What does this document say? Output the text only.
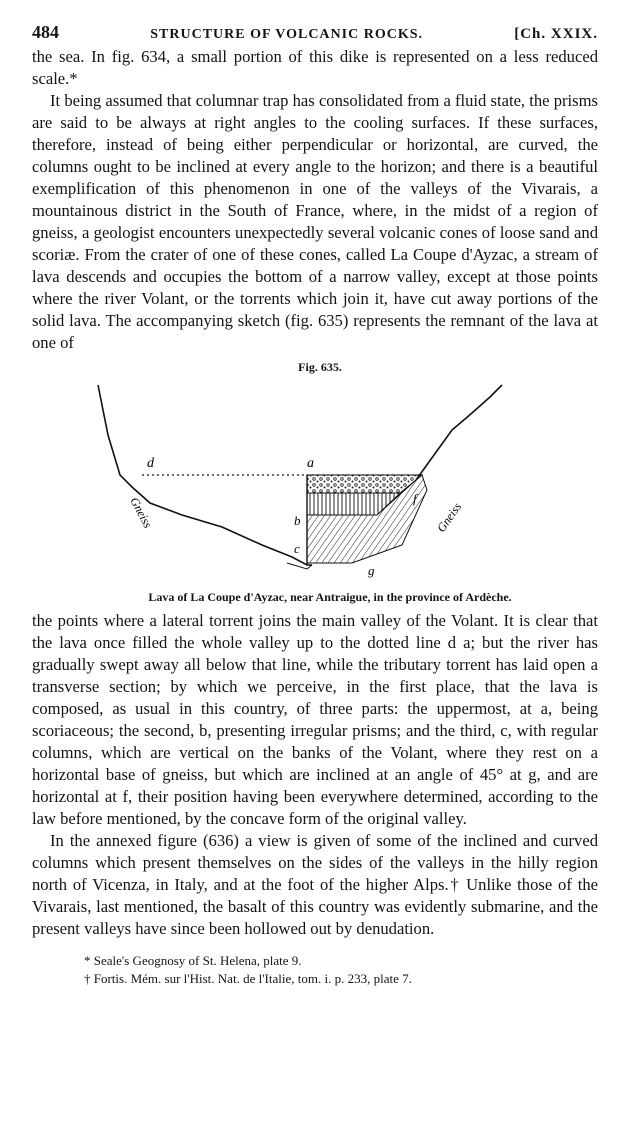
484	STRUCTURE OF VOLCANIC ROCKS.	[Ch. XXIX.

the sea. In fig. 634, a small portion of this dike is represented on a less reduced scale.*

It being assumed that columnar trap has consolidated from a fluid state, the prisms are said to be always at right angles to the cooling surfaces. If these surfaces, therefore, instead of being either perpendicular or horizontal, are curved, the columns ought to be inclined at every angle to the horizon; and there is a beautiful exemplification of this phenomenon in one of the valleys of the Vivarais, a mountainous district in the South of France, where, in the midst of a region of gneiss, a geologist encounters unexpectedly several volcanic cones of loose sand and scoriæ. From the crater of one of these cones, called La Coupe d'Ayzac, a stream of lava descends and occupies the bottom of a narrow valley, except at those points where the river Volant, or the torrents which join it, have cut away portions of the solid lava. The accompanying sketch (fig. 635) represents the remnant of the lava at one of

Fig. 635.
d	a
b
c
f
g
Gneiss	Gneiss
Lava of La Coupe d'Ayzac, near Antraigue, in the province of Ardèche.

the points where a lateral torrent joins the main valley of the Volant. It is clear that the lava once filled the whole valley up to the dotted line d a; but the river has gradually swept away all below that line, while the tributary torrent has laid open a transverse section; by which we perceive, in the first place, that the lava is composed, as usual in this country, of three parts: the uppermost, at a, being scoriaceous; the second, b, presenting irregular prisms; and the third, c, with regular columns, which are vertical on the banks of the Volant, where they rest on a horizontal base of gneiss, but which are inclined at an angle of 45° at g, and are horizontal at f, their position having been everywhere determined, according to the law before mentioned, by the concave form of the original valley.

In the annexed figure (636) a view is given of some of the inclined and curved columns which present themselves on the sides of the valleys in the hilly region north of Vicenza, in Italy, and at the foot of the higher Alps.† Unlike those of the Vivarais, last mentioned, the basalt of this country was evidently submarine, and the present valleys have since been hollowed out by denudation.

* Seale's Geognosy of St. Helena, plate 9.
† Fortis. Mém. sur l'Hist. Nat. de l'Italie, tom. i. p. 233, plate 7.
